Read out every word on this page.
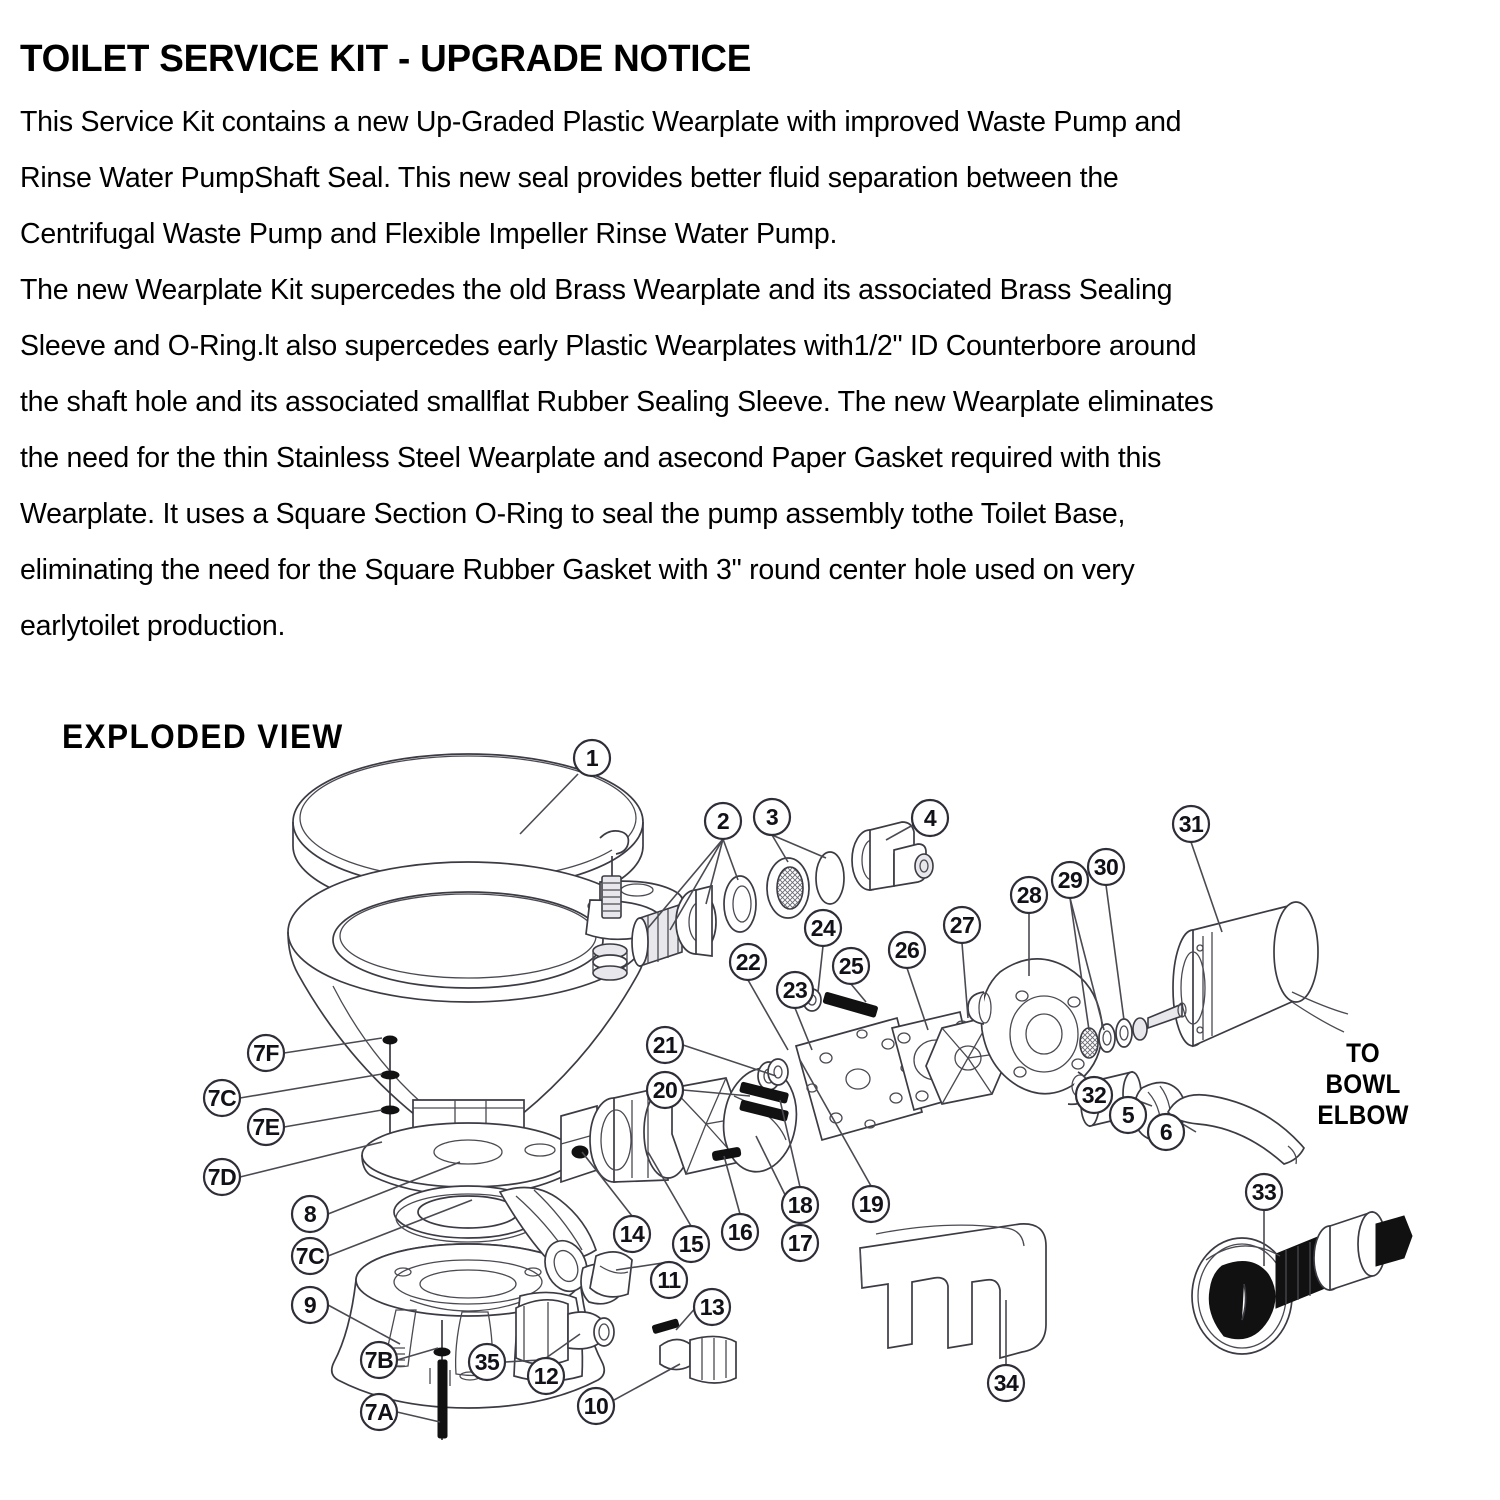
TOILET SERVICE KIT - UPGRADE NOTICE

This Service Kit contains a new Up-Graded Plastic Wearplate with improved Waste Pump and

Rinse Water PumpShaft Seal. This new seal provides better fluid separation between the

Centrifugal Waste Pump and Flexible Impeller Rinse Water Pump.

The new Wearplate Kit supercedes the old Brass Wearplate and its associated Brass Sealing

Sleeve and O-Ring.lt also supercedes early Plastic Wearplates with1/2" ID Counterbore around

the shaft hole and its associated smallflat Rubber Sealing Sleeve. The new Wearplate eliminates

the need for the thin Stainless Steel Wearplate and asecond Paper Gasket required with this

Wearplate. It uses a Square Section O-Ring to seal the pump assembly tothe Toilet Base,

eliminating the need for the Square Rubber Gasket with 3" round center hole used on very

earlytoilet production.

EXPLODED VIEW
TO
BOWL
ELBOW
1
2 3	4	31
28
29 30
24
26
27
22	25
23
7F
7C
7E
21
20
7D
32
5
6
8	18 19	33
7C
14 15 16 17
11
9	13
7B	35
12	34
10
7A
